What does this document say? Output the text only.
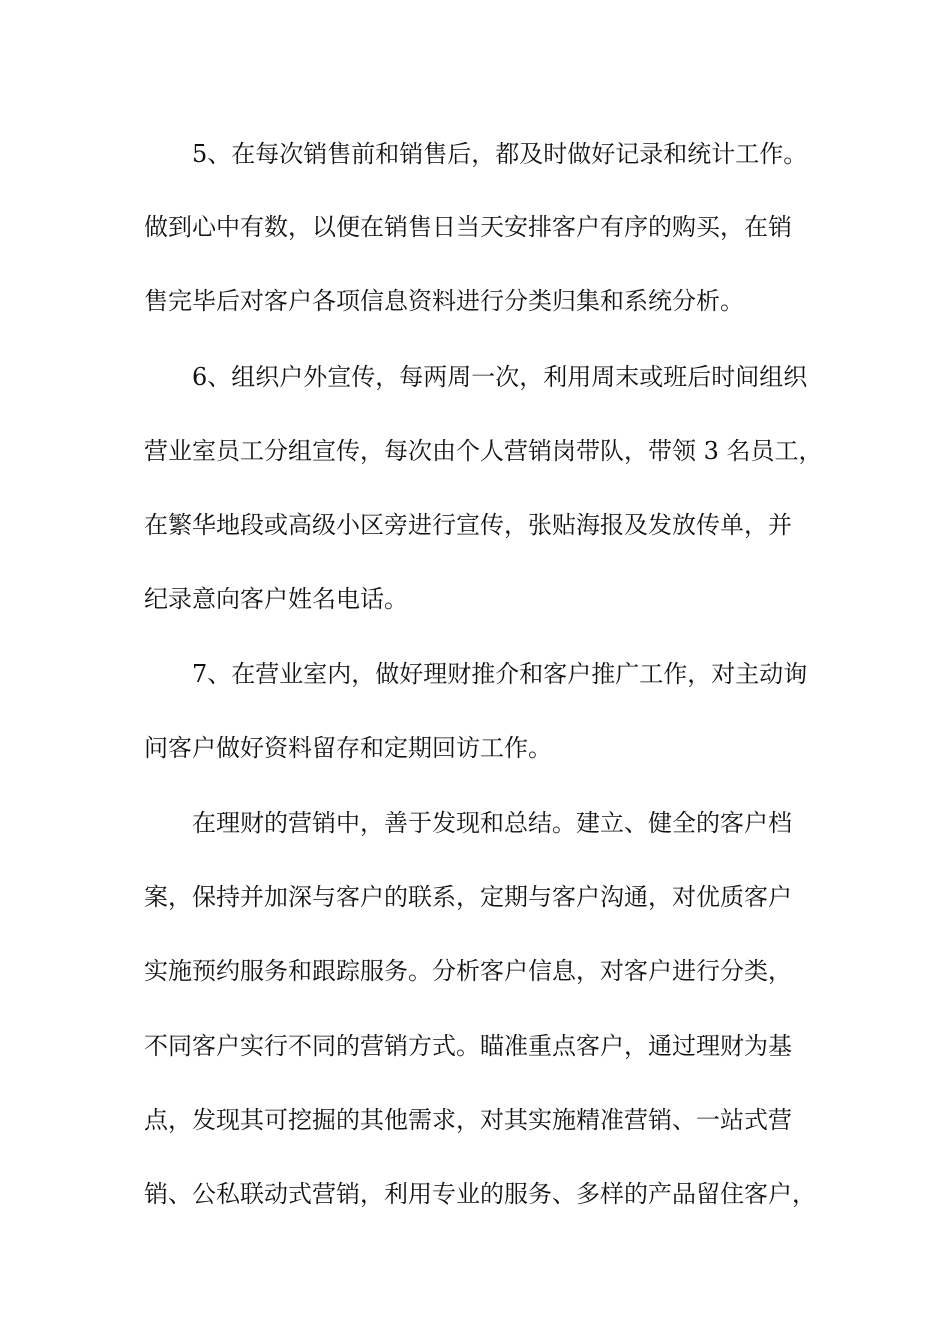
5、在每次销售前和销售后，都及时做好记录和统计工作。
做到心中有数，以便在销售日当天安排客户有序的购买，在销
售完毕后对客户各项信息资料进行分类归集和系统分析。
6、组织户外宣传，每两周一次，利用周末或班后时间组织
营业室员工分组宣传，每次由个人营销岗带队，带领 3 名员工，
在繁华地段或高级小区旁进行宣传，张贴海报及发放传单，并
纪录意向客户姓名电话。
7、在营业室内，做好理财推介和客户推广工作，对主动询
问客户做好资料留存和定期回访工作。
在理财的营销中，善于发现和总结。建立、健全的客户档
案，保持并加深与客户的联系，定期与客户沟通，对优质客户
实施预约服务和跟踪服务。分析客户信息，对客户进行分类，
不同客户实行不同的营销方式。瞄准重点客户，通过理财为基
点，发现其可挖掘的其他需求，对其实施精准营销、一站式营
销、公私联动式营销，利用专业的服务、多样的产品留住客户，
